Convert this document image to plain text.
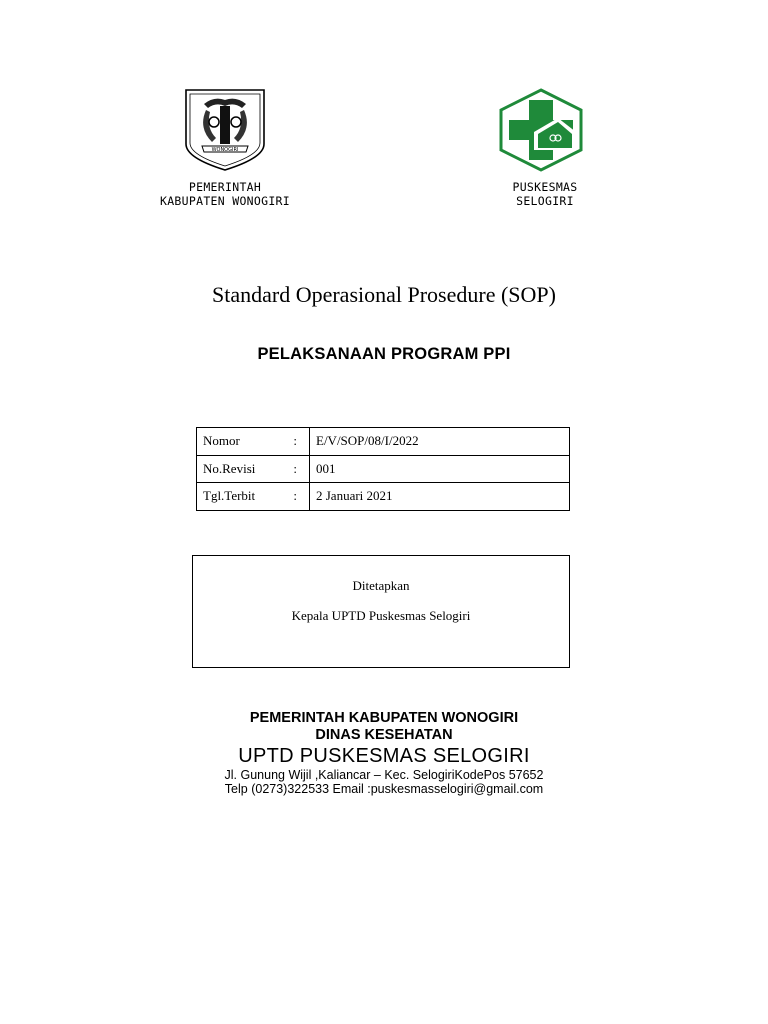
WONOGIRI
PEMERINTAH
KABUPATEN WONOGIRI
PUSKESMAS
SELOGIRI
Standard Operasional Prosedure (SOP)
PELAKSANAAN PROGRAM PPI
Nomor :	E/V/SOP/08/I/2022
No.Revisi :	001
Tgl.Terbit :	2 Januari 2021
Ditetapkan
Kepala UPTD Puskesmas Selogiri
PEMERINTAH KABUPATEN WONOGIRI
DINAS KESEHATAN
UPTD PUSKESMAS SELOGIRI
Jl. Gunung Wijil ,Kaliancar – Kec. SelogiriKodePos 57652
Telp (0273)322533 Email :puskesmasselogiri@gmail.com
